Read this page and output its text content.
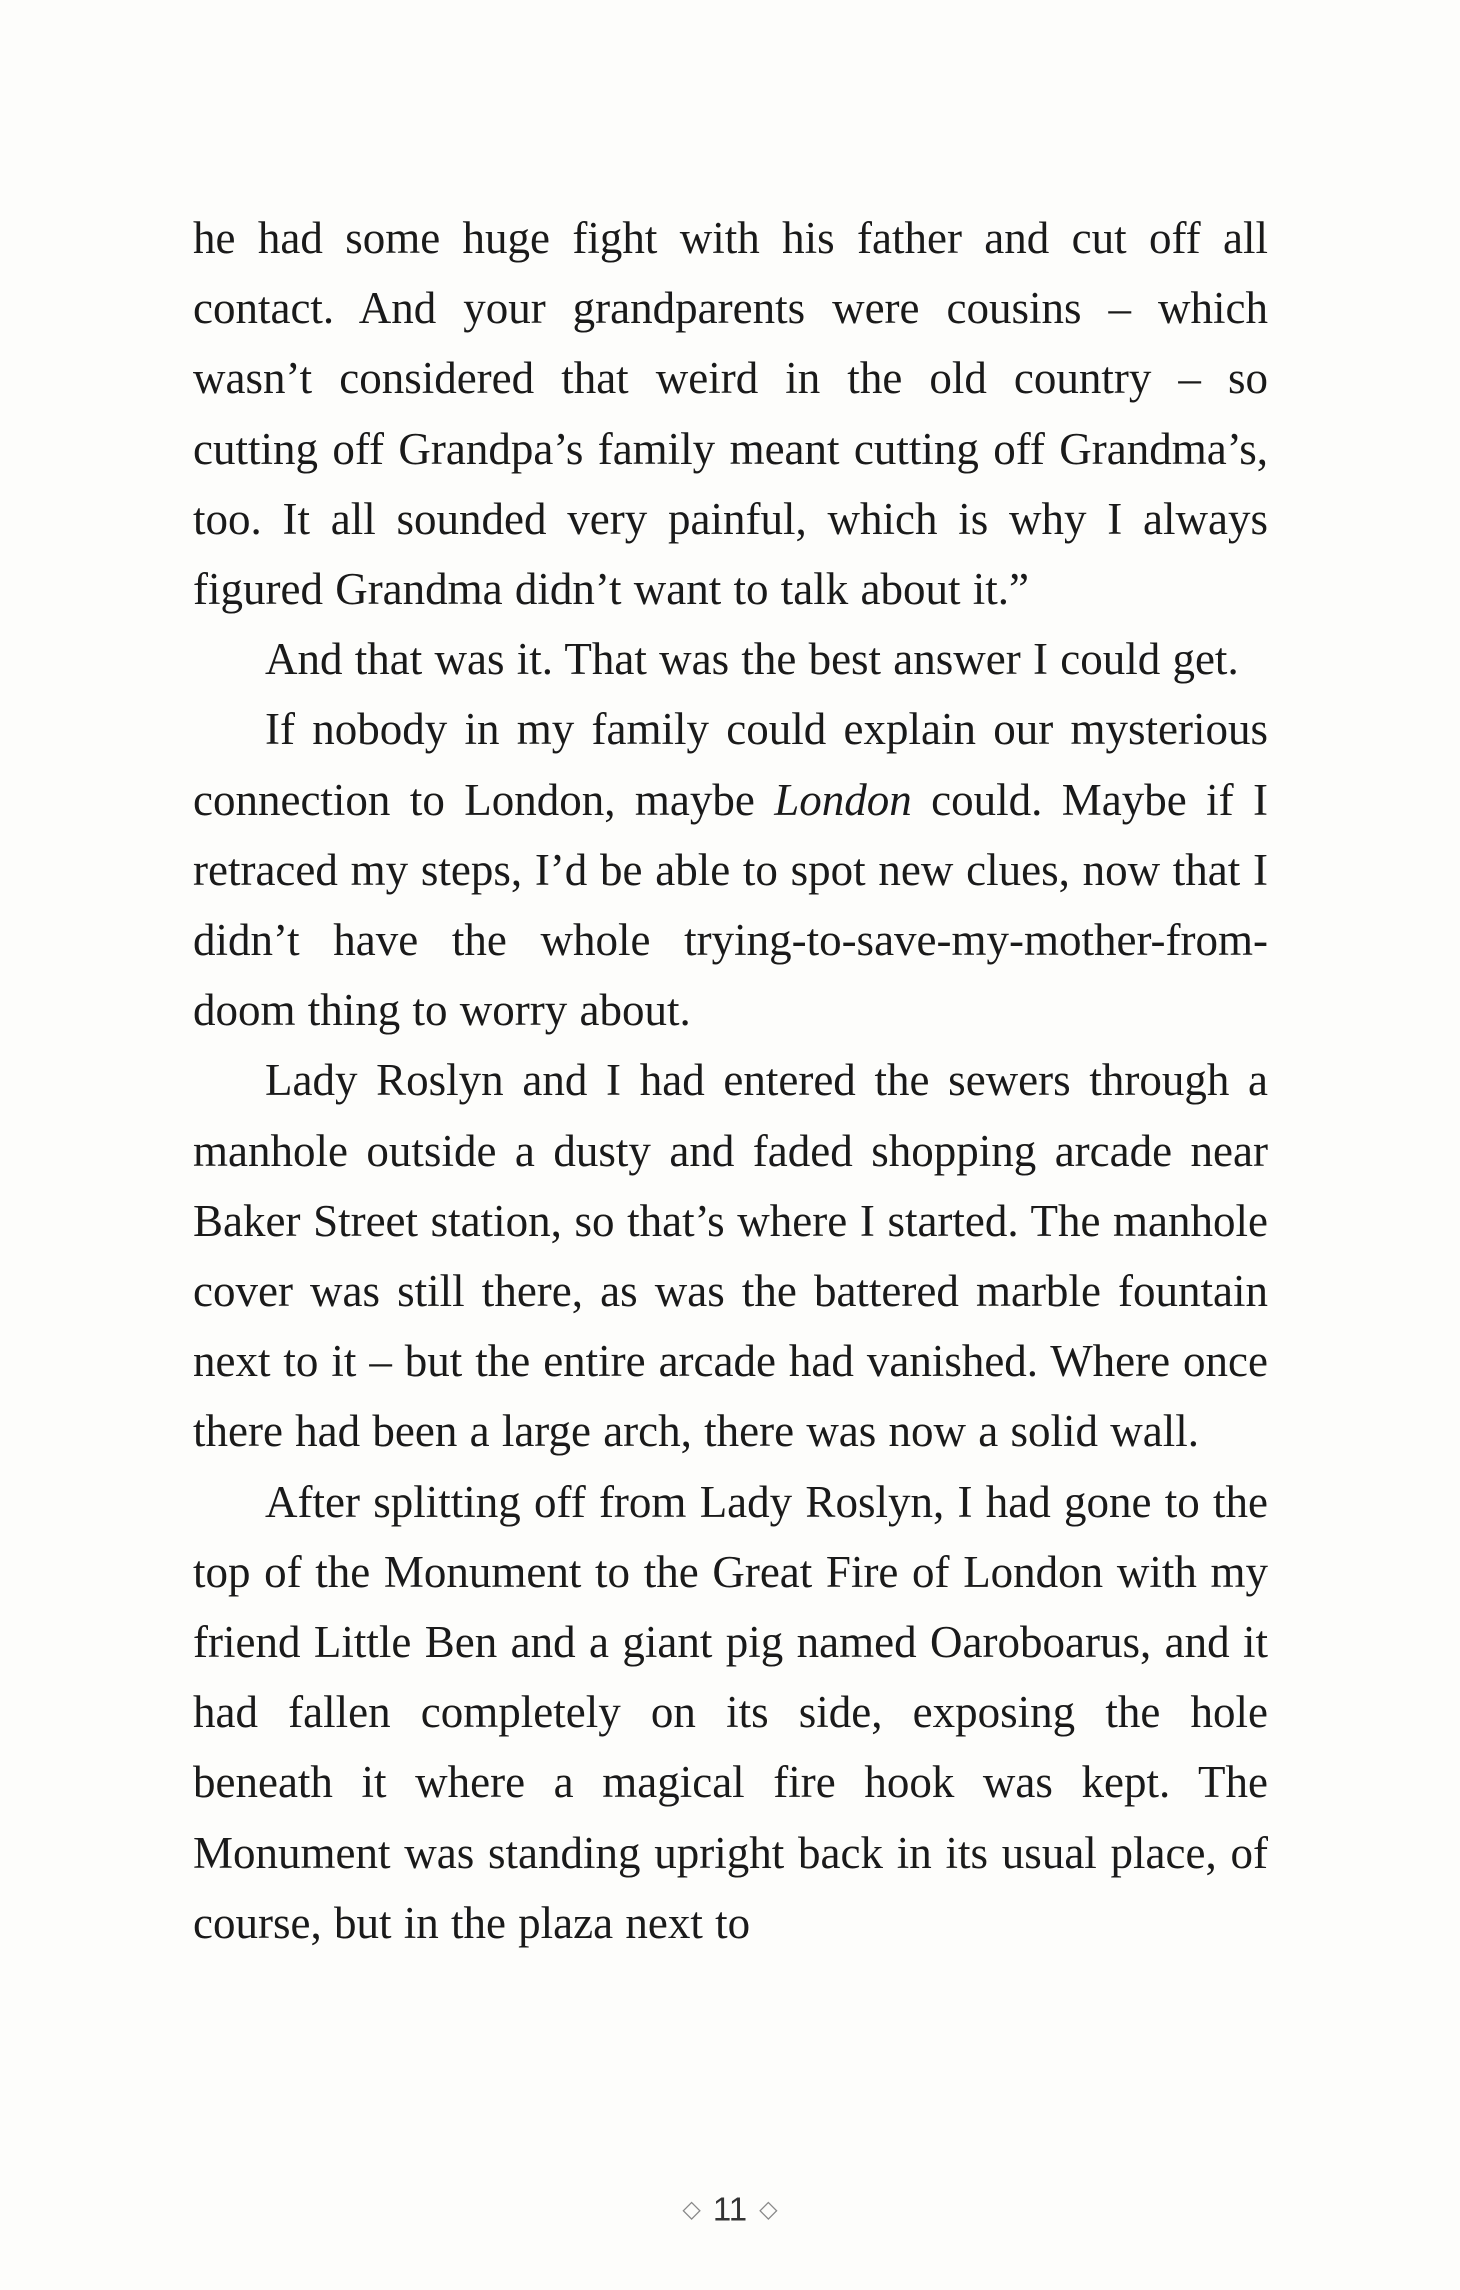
he had some huge fight with his father and cut off all contact. And your grandparents were cousins – which wasn’t considered that weird in the old country – so cutting off Grandpa’s family meant cutting off Grandma’s, too. It all sounded very painful, which is why I always figured Grandma didn’t want to talk about it.”

And that was it. That was the best answer I could get.

If nobody in my family could explain our mysterious connection to London, maybe London could. Maybe if I retraced my steps, I’d be able to spot new clues, now that I didn’t have the whole trying-to-save-my-mother-from-doom thing to worry about.

Lady Roslyn and I had entered the sewers through a manhole outside a dusty and faded shopping arcade near Baker Street station, so that’s where I started. The manhole cover was still there, as was the battered marble fountain next to it – but the entire arcade had vanished. Where once there had been a large arch, there was now a solid wall.

After splitting off from Lady Roslyn, I had gone to the top of the Monument to the Great Fire of London with my friend Little Ben and a giant pig named Oaroboarus, and it had fallen completely on its side, exposing the hole beneath it where a magical fire hook was kept. The Monument was standing upright back in its usual place, of course, but in the plaza next to

◇ 11 ◇
